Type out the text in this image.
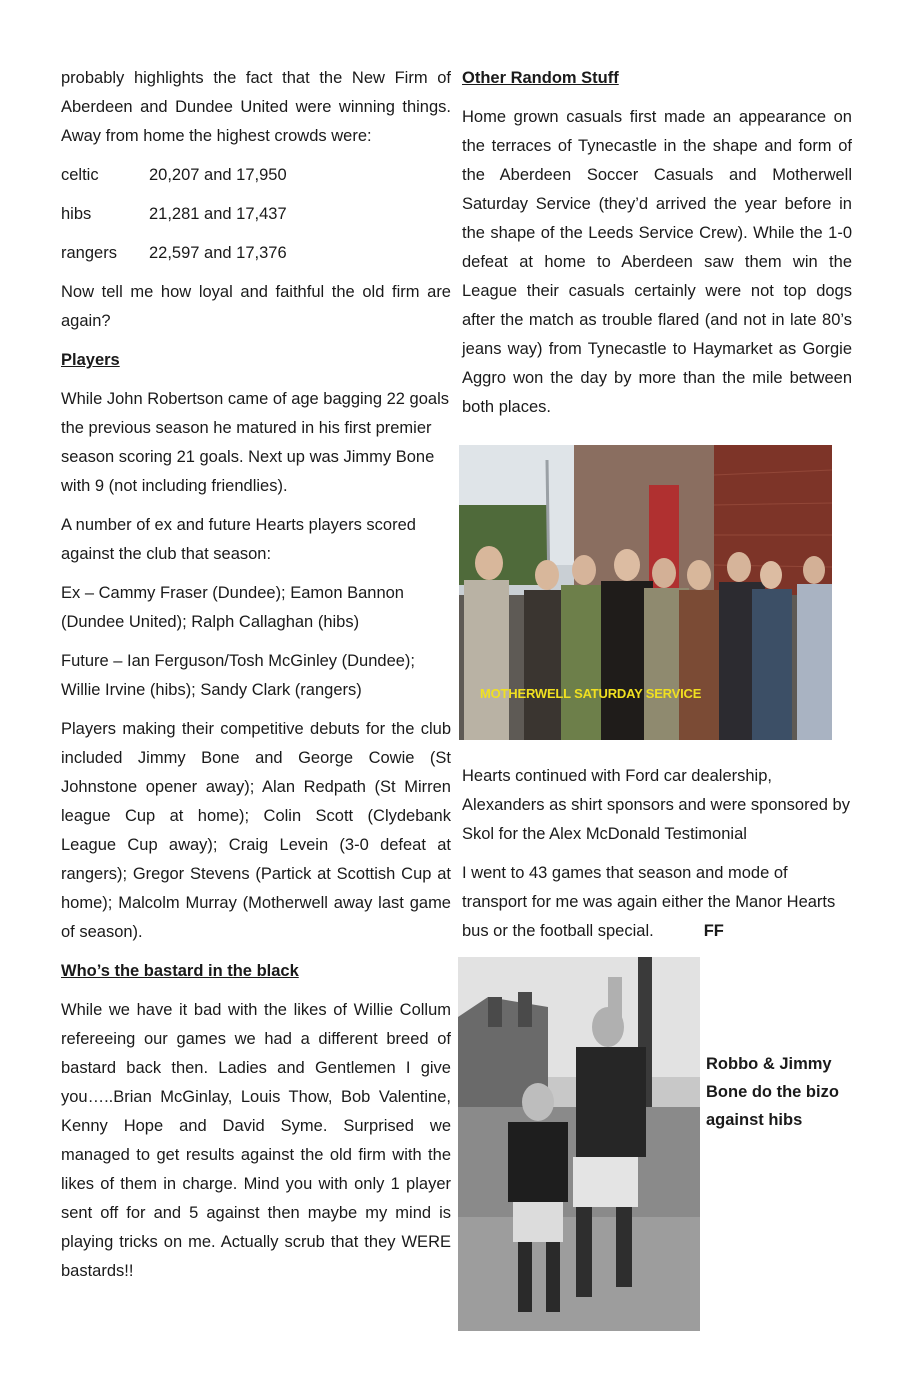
probably highlights the fact that the New Firm of Aberdeen and Dundee United were winning things. Away from home the highest crowds were:

celtic	20,207 and 17,950
hibs	21,281 and 17,437
rangers	22,597 and 17,376

Now tell me how loyal and faithful the old firm are again?

Players

While John Robertson came of age bagging 22 goals the previous season he matured in his first premier season scoring 21 goals. Next up was Jimmy Bone with 9 (not including friendlies).

A number of ex and future Hearts players scored against the club that season:

Ex – Cammy Fraser (Dundee); Eamon Bannon (Dundee United); Ralph Callaghan (hibs)

Future – Ian Ferguson/Tosh McGinley (Dundee); Willie Irvine (hibs); Sandy Clark (rangers)

Players making their competitive debuts for the club included Jimmy Bone and George Cowie (St Johnstone opener away); Alan Redpath (St Mirren league Cup at home); Colin Scott (Clydebank League Cup away); Craig Levein (3-0 defeat at rangers); Gregor Stevens (Partick at Scottish Cup at home); Malcolm Murray (Motherwell away last game of season).

Who’s the bastard in the black

While we have it bad with the likes of Willie Collum refereeing our games we had a different breed of bastard back then. Ladies and Gentlemen I give you…..Brian McGinlay, Louis Thow, Bob Valentine, Kenny Hope and David Syme. Surprised we managed to get results against the old firm with the likes of them in charge. Mind you with only 1 player sent off for and 5 against then maybe my mind is playing tricks on me. Actually scrub that they WERE bastards!!

Other Random Stuff

Home grown casuals first made an appearance on the terraces of Tynecastle in the shape and form of the Aberdeen Soccer Casuals and Motherwell Saturday Service (they’d arrived the year before in the shape of the Leeds Service Crew). While the 1-0 defeat at home to Aberdeen saw them win the League their casuals certainly were not top dogs after the match as trouble flared (and not in late 80’s jeans way) from Tynecastle to Haymarket as Gorgie Aggro won the day by more than the mile between both places.

MOTHERWELL SATURDAY SERVICE

Hearts continued with Ford car dealership, Alexanders as shirt sponsors and were sponsored by Skol for the Alex McDonald Testimonial

I went to 43 games that season and mode of transport for me was again either the Manor Hearts bus or the football special.	FF

Robbo & Jimmy Bone do the bizo against hibs
